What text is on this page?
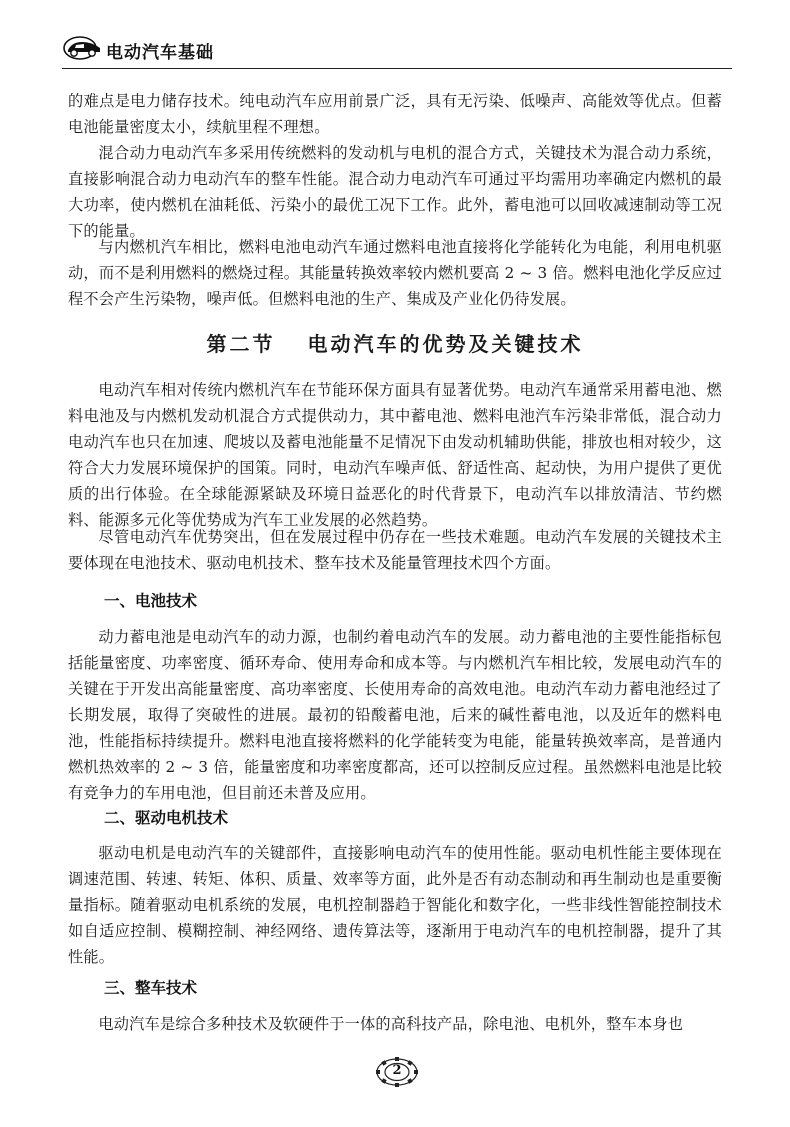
电动汽车基础

的难点是电力储存技术。纯电动汽车应用前景广泛，具有无污染、低噪声、高能效等优点。但蓄电池能量密度太小，续航里程不理想。

混合动力电动汽车多采用传统燃料的发动机与电机的混合方式，关键技术为混合动力系统，直接影响混合动力电动汽车的整车性能。混合动力电动汽车可通过平均需用功率确定内燃机的最大功率，使内燃机在油耗低、污染小的最优工况下工作。此外，蓄电池可以回收减速制动等工况下的能量。

与内燃机汽车相比，燃料电池电动汽车通过燃料电池直接将化学能转化为电能，利用电机驱动，而不是利用燃料的燃烧过程。其能量转换效率较内燃机要高 2 ~ 3 倍。燃料电池化学反应过程不会产生污染物，噪声低。但燃料电池的生产、集成及产业化仍待发展。

第二节 电动汽车的优势及关键技术

电动汽车相对传统内燃机汽车在节能环保方面具有显著优势。电动汽车通常采用蓄电池、燃料电池及与内燃机发动机混合方式提供动力，其中蓄电池、燃料电池汽车污染非常低，混合动力电动汽车也只在加速、爬坡以及蓄电池能量不足情况下由发动机辅助供能，排放也相对较少，这符合大力发展环境保护的国策。同时，电动汽车噪声低、舒适性高、起动快，为用户提供了更优质的出行体验。在全球能源紧缺及环境日益恶化的时代背景下，电动汽车以排放清洁、节约燃料、能源多元化等优势成为汽车工业发展的必然趋势。

尽管电动汽车优势突出，但在发展过程中仍存在一些技术难题。电动汽车发展的关键技术主要体现在电池技术、驱动电机技术、整车技术及能量管理技术四个方面。

一、电池技术

动力蓄电池是电动汽车的动力源，也制约着电动汽车的发展。动力蓄电池的主要性能指标包括能量密度、功率密度、循环寿命、使用寿命和成本等。与内燃机汽车相比较，发展电动汽车的关键在于开发出高能量密度、高功率密度、长使用寿命的高效电池。电动汽车动力蓄电池经过了长期发展，取得了突破性的进展。最初的铅酸蓄电池，后来的碱性蓄电池，以及近年的燃料电池，性能指标持续提升。燃料电池直接将燃料的化学能转变为电能，能量转换效率高，是普通内燃机热效率的 2 ~ 3 倍，能量密度和功率密度都高，还可以控制反应过程。虽然燃料电池是比较有竞争力的车用电池，但目前还未普及应用。

二、驱动电机技术

驱动电机是电动汽车的关键部件，直接影响电动汽车的使用性能。驱动电机性能主要体现在调速范围、转速、转矩、体积、质量、效率等方面，此外是否有动态制动和再生制动也是重要衡量指标。随着驱动电机系统的发展，电机控制器趋于智能化和数字化，一些非线性智能控制技术如自适应控制、模糊控制、神经网络、遗传算法等，逐渐用于电动汽车的电机控制器，提升了其性能。

三、整车技术

电动汽车是综合多种技术及软硬件于一体的高科技产品，除电池、电机外，整车本身也

2
